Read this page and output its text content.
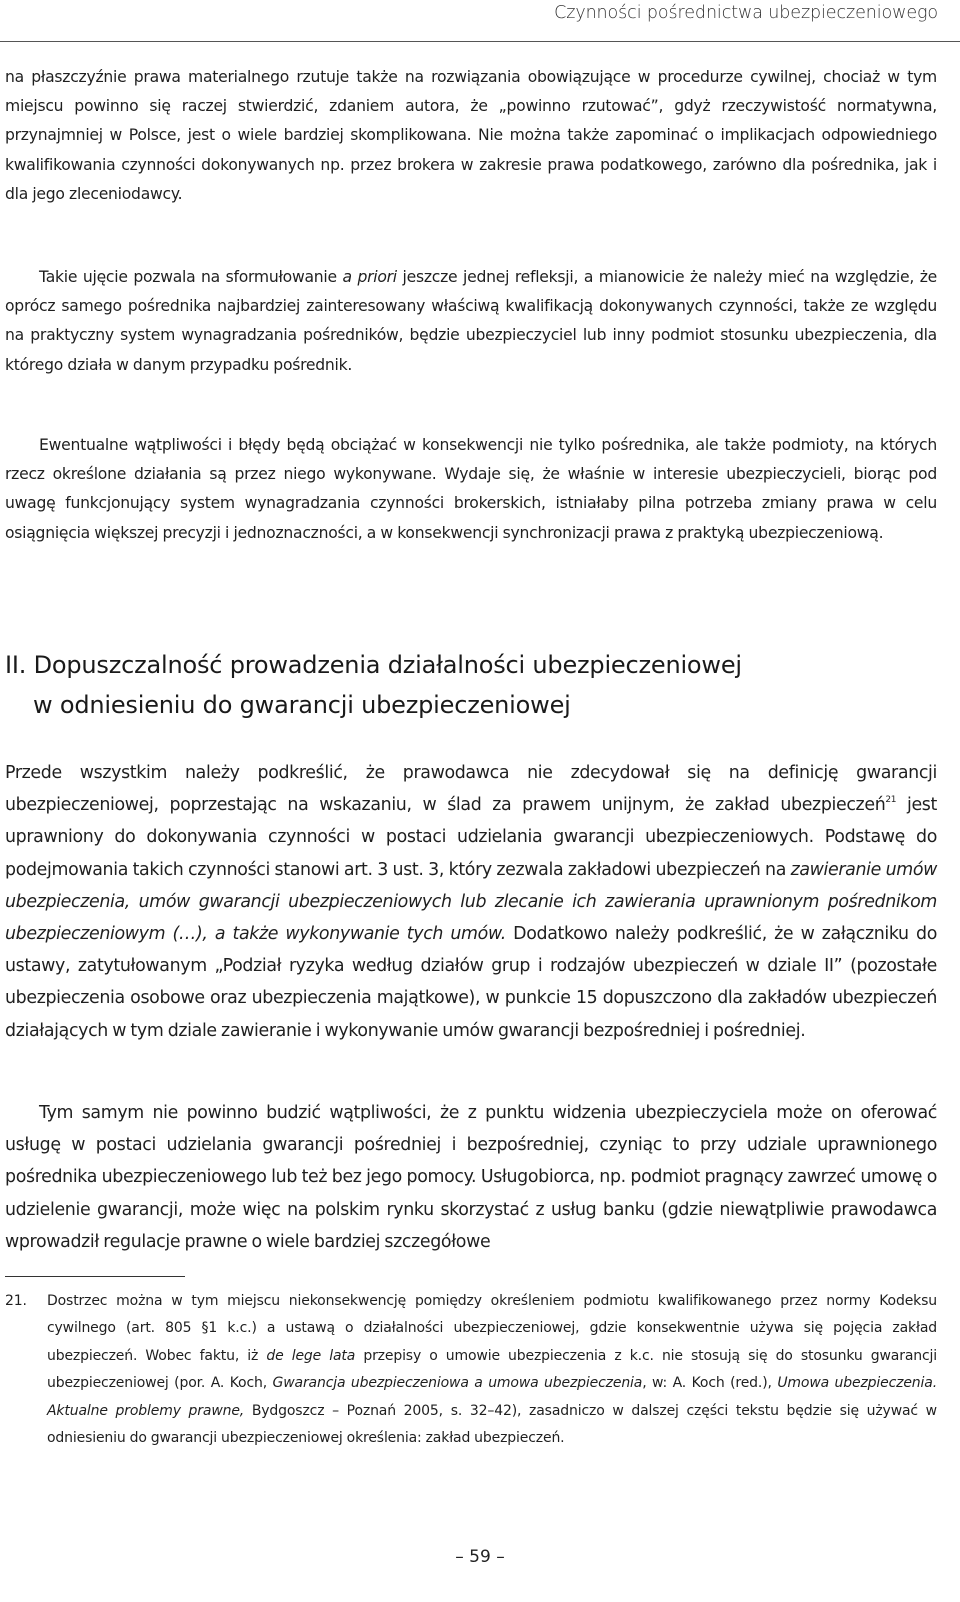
Czynności pośrednictwa ubezpieczeniowego

na płaszczyźnie prawa materialnego rzutuje także na rozwiązania obowiązujące w procedurze cywilnej, chociaż w tym miejscu powinno się raczej stwierdzić, zdaniem autora, że „powinno rzutować”, gdyż rzeczywistość normatywna, przynajmniej w Polsce, jest o wiele bardziej skomplikowana. Nie można także zapominać o implikacjach odpowiedniego kwalifikowania czynności dokonywanych np. przez brokera w zakresie prawa podatkowego, zarówno dla pośrednika, jak i dla jego zleceniodawcy.

Takie ujęcie pozwala na sformułowanie a priori jeszcze jednej refleksji, a mianowicie że należy mieć na względzie, że oprócz samego pośrednika najbardziej zainteresowany właściwą kwalifikacją dokonywanych czynności, także ze względu na praktyczny system wynagradzania pośredników, będzie ubezpieczyciel lub inny podmiot stosunku ubezpieczenia, dla którego działa w danym przypadku pośrednik.

Ewentualne wątpliwości i błędy będą obciążać w konsekwencji nie tylko pośrednika, ale także podmioty, na których rzecz określone działania są przez niego wykonywane. Wydaje się, że właśnie w interesie ubezpieczycieli, biorąc pod uwagę funkcjonujący system wynagradzania czynności brokerskich, istniałaby pilna potrzeba zmiany prawa w celu osiągnięcia większej precyzji i jednoznaczności, a w konsekwencji synchronizacji prawa z praktyką ubezpieczeniową.

II. Dopuszczalność prowadzenia działalności ubezpieczeniowej
w odniesieniu do gwarancji ubezpieczeniowej

Przede wszystkim należy podkreślić, że prawodawca nie zdecydował się na definicję gwarancji ubezpieczeniowej, poprzestając na wskazaniu, w ślad za prawem unijnym, że zakład ubezpieczeń$^{21}$ jest uprawniony do dokonywania czynności w postaci udzielania gwarancji ubezpieczeniowych. Podstawę do podejmowania takich czynności stanowi art. 3 ust. 3, który zezwala zakładowi ubezpieczeń na zawieranie umów ubezpieczenia, umów gwarancji ubezpieczeniowych lub zlecanie ich zawierania uprawnionym pośrednikom ubezpieczeniowym (…), a także wykonywanie tych umów. Dodatkowo należy podkreślić, że w załączniku do ustawy, zatytułowanym „Podział ryzyka według działów grup i rodzajów ubezpieczeń w dziale II” (pozostałe ubezpieczenia osobowe oraz ubezpieczenia majątkowe), w punkcie 15 dopuszczono dla zakładów ubezpieczeń działających w tym dziale zawieranie i wykonywanie umów gwarancji bezpośredniej i pośredniej.

Tym samym nie powinno budzić wątpliwości, że z punktu widzenia ubezpieczyciela może on oferować usługę w postaci udzielania gwarancji pośredniej i bezpośredniej, czyniąc to przy udziale uprawnionego pośrednika ubezpieczeniowego lub też bez jego pomocy. Usługobiorca, np. podmiot pragnący zawrzeć umowę o udzielenie gwarancji, może więc na polskim rynku skorzystać z usług banku (gdzie niewątpliwie prawodawca wprowadził regulacje prawne o wiele bardziej szczegółowe

21.	Dostrzec można w tym miejscu niekonsekwencję pomiędzy określeniem podmiotu kwalifikowanego przez normy Kodeksu cywilnego (art. 805 §1 k.c.) a ustawą o działalności ubezpieczeniowej, gdzie konsekwentnie używa się pojęcia zakład ubezpieczeń. Wobec faktu, iż de lege lata przepisy o umowie ubezpieczenia z k.c. nie stosują się do stosunku gwarancji ubezpieczeniowej (por. A. Koch, Gwarancja ubezpieczeniowa a umowa ubezpieczenia, w: A. Koch (red.), Umowa ubezpieczenia. Aktualne problemy prawne, Bydgoszcz – Poznań 2005, s. 32–42), zasadniczo w dalszej części tekstu będzie się używać w odniesieniu do gwarancji ubezpieczeniowej określenia: zakład ubezpieczeń.
– 59 –
